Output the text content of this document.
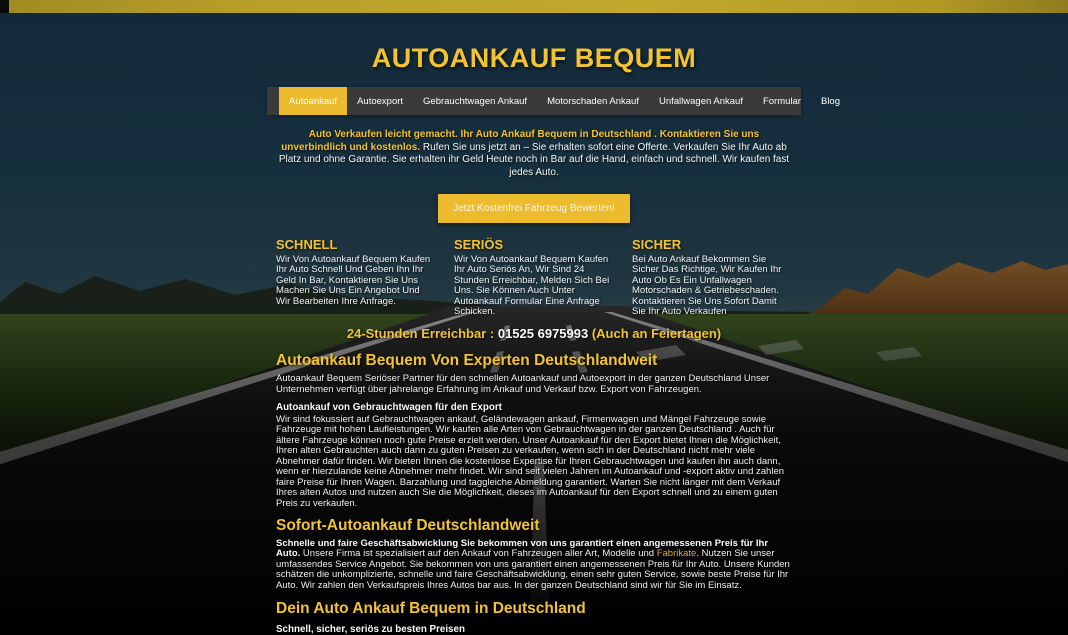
AUTOANKAUF BEQUEM
Autoankauf	Autoexport	Gebrauchtwagen Ankauf	Motorschaden Ankauf	Unfallwagen Ankauf	Formular	Blog

Auto Verkaufen leicht gemacht. Ihr Auto Ankauf Bequem in Deutschland . Kontaktieren Sie uns unverbindlich und kostenlos. Rufen Sie uns jetzt an – Sie erhalten sofort eine Offerte. Verkaufen Sie Ihr Auto ab Platz und ohne Garantie. Sie erhalten ihr Geld Heute noch in Bar auf die Hand, einfach und schnell. Wir kaufen fast jedes Auto.

Jetzt Kostenfrei Fahrzeug Bewerten!
SCHNELL

Wir Von Autoankauf Bequem Kaufen Ihr Auto Schnell Und Geben Ihn Ihr Geld In Bar, Kontaktieren Sie Uns Machen Sie Uns Ein Angebot Und Wir Bearbeiten Ihre Anfrage.

SERIÖS

Wir Von Autoankauf Bequem Kaufen Ihr Auto Seriös An, Wir Sind 24 Stunden Erreichbar, Melden Sich Bei Uns. Sie Können Auch Unter Autoankauf Formular Eine Anfrage Schicken.

SICHER

Bei Auto Ankauf Bekommen Sie Sicher Das Richtige, Wir Kaufen Ihr Auto Ob Es Ein Unfallwagen Motorschaden & Getriebeschaden. Kontaktieren Sie Uns Sofort Damit Sie Ihr Auto Verkaufen

24-Stunden Erreichbar : 01525 6975993 (Auch an Feiertagen)

Autoankauf Bequem Von Experten Deutschlandweit

Autoankauf Bequem Seriöser Partner für den schnellen Autoankauf und Autoexport in der ganzen Deutschland Unser Unternehmen verfügt über jahrelange Erfahrung im Ankauf und Verkauf bzw. Export von Fahrzeugen.

Autoankauf von Gebrauchtwagen für den Export

Wir sind fokussiert auf Gebrauchtwagen ankauf, Geländewagen ankauf, Firmenwagen und Mängel Fahrzeuge sowie Fahrzeuge mit hohen Laufleistungen. Wir kaufen alle Arten von Gebrauchtwagen in der ganzen Deutschland . Auch für ältere Fahrzeuge können noch gute Preise erzielt werden. Unser Autoankauf für den Export bietet Ihnen die Möglichkeit, Ihren alten Gebrauchten auch dann zu guten Preisen zu verkaufen, wenn sich in der Deutschland nicht mehr viele Abnehmer dafür finden. Wir bieten Ihnen die kostenlose Expertise für Ihren Gebrauchtwagen und kaufen ihn auch dann, wenn er hierzulande keine Abnehmer mehr findet. Wir sind seit vielen Jahren im Autoankauf und -export aktiv und zahlen faire Preise für Ihren Wagen. Barzahlung und taggleiche Abmeldung garantiert. Warten Sie nicht länger mit dem Verkauf Ihres alten Autos und nutzen auch Sie die Möglichkeit, dieses im Autoankauf für den Export schnell und zu einem guten Preis zu verkaufen.

Sofort-Autoankauf Deutschlandweit

Schnelle und faire Geschäftsabwicklung Sie bekommen von uns garantiert einen angemessenen Preis für Ihr Auto. Unsere Firma ist spezialisiert auf den Ankauf von Fahrzeugen aller Art, Modelle und Fabrikate. Nutzen Sie unser umfassendes Service Angebot. Sie bekommen von uns garantiert einen angemessenen Preis für Ihr Auto. Unsere Kunden schätzen die unkomplizierte, schnelle und faire Geschäftsabwicklung, einen sehr guten Service, sowie beste Preise für Ihr Auto. Wir zahlen den Verkaufspreis Ihres Autos bar aus. In der ganzen Deutschland sind wir für Sie im Einsatz.

Dein Auto Ankauf Bequem in Deutschland

Schnell, sicher, seriös zu besten Preisen
